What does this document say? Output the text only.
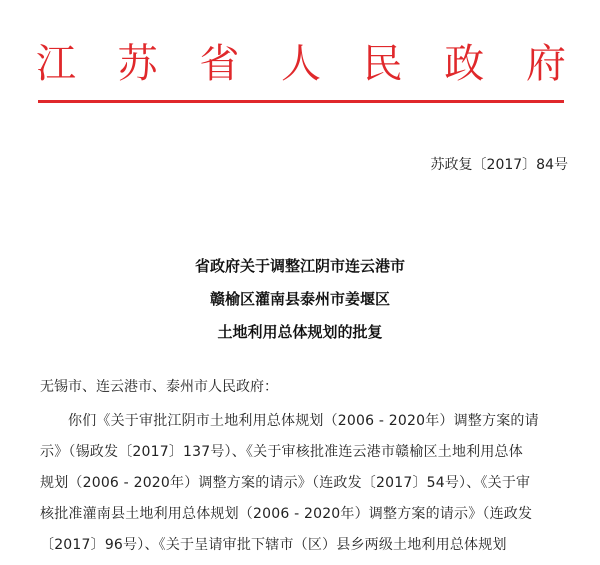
江 苏 省 人 民 政 府
苏政复〔2017〕84号
省政府关于调整江阴市连云港市
赣榆区灌南县泰州市姜堰区
土地利用总体规划的批复
无锡市、连云港市、泰州市人民政府：
你们《关于审批江阴市土地利用总体规划（2006 - 2020年）调整方案的请
示》（锡政发〔2017〕137号）、《关于审核批准连云港市赣榆区土地利用总体
规划（2006 - 2020年）调整方案的请示》（连政发〔2017〕54号）、《关于审
核批准灌南县土地利用总体规划（2006 - 2020年）调整方案的请示》（连政发
〔2017〕96号）、《关于呈请审批下辖市（区）县乡两级土地利用总体规划
